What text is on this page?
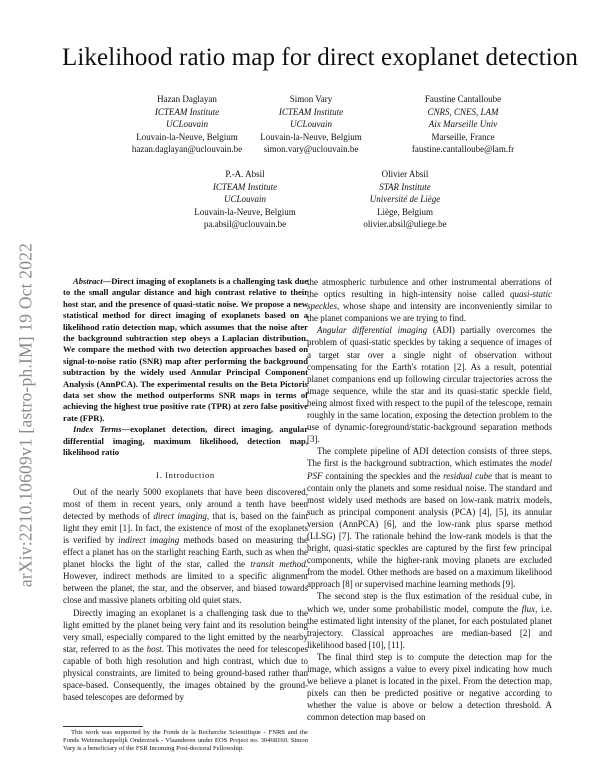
arXiv:2210.10609v1 [astro-ph.IM] 19 Oct 2022
Likelihood ratio map for direct exoplanet detection
Hazan Daglayan
ICTEAM Institute
UCLouvain
Louvain-la-Neuve, Belgium
hazan.daglayan@uclouvain.be
Simon Vary
ICTEAM Institute
UCLouvain
Louvain-la-Neuve, Belgium
simon.vary@uclouvain.be
Faustine Cantalloube
CNRS, CNES, LAM
Aix Marseille Univ
Marseille, France
faustine.cantalloube@lam.fr
P.-A. Absil
ICTEAM Institute
UCLouvain
Louvain-la-Neuve, Belgium
pa.absil@uclouvain.be
Olivier Absil
STAR Institute
Université de Liège
Liège, Belgium
olivier.absil@uliege.be

Abstract—Direct imaging of exoplanets is a challenging task due to the small angular distance and high contrast relative to their host star, and the presence of quasi-static noise. We propose a new statistical method for direct imaging of exoplanets based on a likelihood ratio detection map, which assumes that the noise after the background subtraction step obeys a Laplacian distribution. We compare the method with two detection approaches based on signal-to-noise ratio (SNR) map after performing the background subtraction by the widely used Annular Principal Component Analysis (AnnPCA). The experimental results on the Beta Pictoris data set show the method outperforms SNR maps in terms of achieving the highest true positive rate (TPR) at zero false positive rate (FPR).

Index Terms—exoplanet detection, direct imaging, angular differential imaging, maximum likelihood, detection map, likelihood ratio

I. Introduction

Out of the nearly 5000 exoplanets that have been discovered, most of them in recent years, only around a tenth have been detected by methods of direct imaging, that is, based on the faint light they emit [1]. In fact, the existence of most of the exoplanets is verified by indirect imaging methods based on measuring the effect a planet has on the starlight reaching Earth, such as when the planet blocks the light of the star, called the transit method. However, indirect methods are limited to a specific alignment between the planet, the star, and the observer, and biased towards close and massive planets orbiting old quiet stars.

Directly imaging an exoplanet is a challenging task due to the light emitted by the planet being very faint and its resolution being very small, especially compared to the light emitted by the nearby star, referred to as the host. This motivates the need for telescopes capable of both high resolution and high contrast, which due to physical constraints, are limited to being ground-based rather than space-based. Consequently, the images obtained by the ground-based telescopes are deformed by

This work was supported by the Fonds de la Recherche Scientifique - FNRS and the Fonds Wetenschappelijk Onderzoek - Vlaanderen under EOS Project no. 30468160. Simon Vary is a beneficiary of the FSR Incoming Post-doctoral Fellowship.

the atmospheric turbulence and other instrumental aberrations of the optics resulting in high-intensity noise called quasi-static speckles, whose shape and intensity are inconveniently similar to the planet companions we are trying to find.

Angular differential imaging (ADI) partially overcomes the problem of quasi-static speckles by taking a sequence of images of a target star over a single night of observation without compensating for the Earth's rotation [2]. As a result, potential planet companions end up following circular trajectories across the image sequence, while the star and its quasi-static speckle field, being almost fixed with respect to the pupil of the telescope, remain roughly in the same location, exposing the detection problem to the use of dynamic-foreground/static-background separation methods [3].

The complete pipeline of ADI detection consists of three steps. The first is the background subtraction, which estimates the model PSF containing the speckles and the residual cube that is meant to contain only the planets and some residual noise. The standard and most widely used methods are based on low-rank matrix models, such as principal component analysis (PCA) [4], [5], its annular version (AnnPCA) [6], and the low-rank plus sparse method (LLSG) [7]. The rationale behind the low-rank models is that the bright, quasi-static speckles are captured by the first few principal components, while the higher-rank moving planets are excluded from the model. Other methods are based on a maximum likelihood approach [8] or supervised machine learning methods [9].

The second step is the flux estimation of the residual cube, in which we, under some probabilistic model, compute the flux, i.e. the estimated light intensity of the planet, for each postulated planet trajectory. Classical approaches are median-based [2] and likelihood based [10], [11].

The final third step is to compute the detection map for the image, which assigns a value to every pixel indicating how much we believe a planet is located in the pixel. From the detection map, pixels can then be predicted positive or negative according to whether the value is above or below a detection threshold. A common detection map based on
